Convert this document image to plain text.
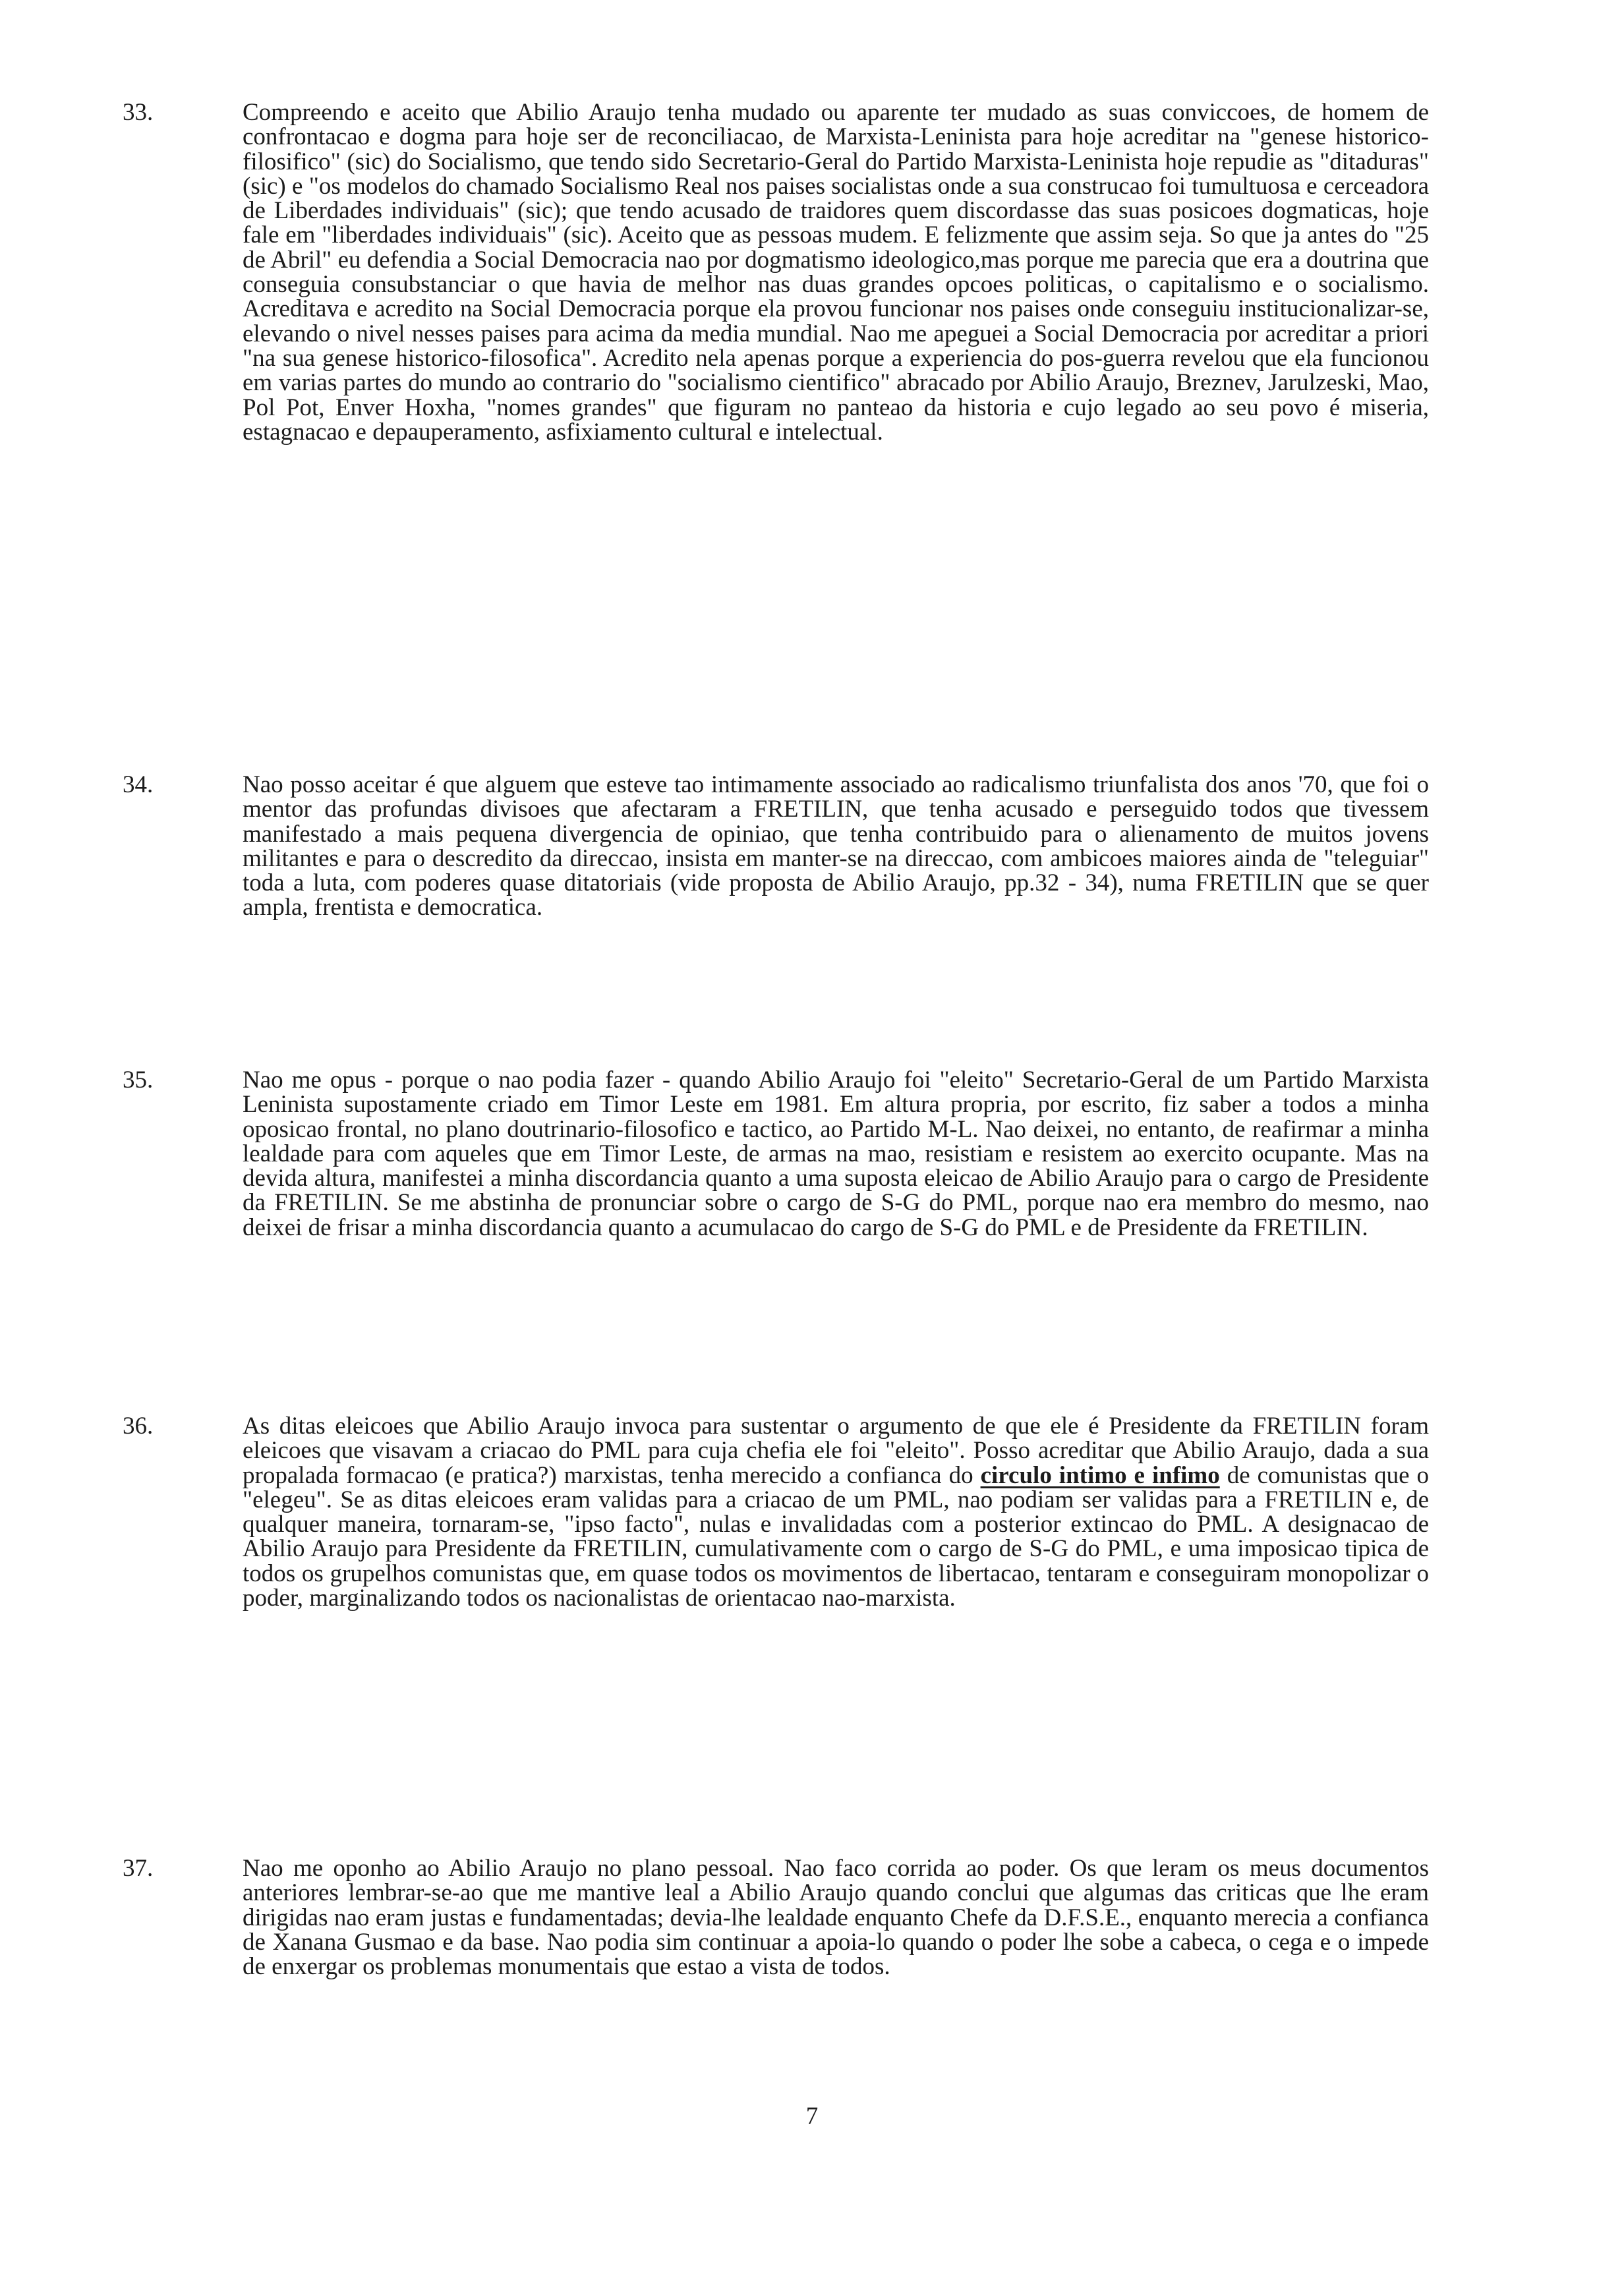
33.	Compreendo e aceito que Abilio Araujo tenha mudado ou aparente ter mudado as suas conviccoes, de homem de confrontacao e dogma para hoje ser de reconciliacao, de Marxista-Leninista para hoje acreditar na "genese historico-filosifico" (sic) do Socialismo, que tendo sido Secretario-Geral do Partido Marxista-Leninista hoje repudie as "ditaduras" (sic) e "os modelos do chamado Socialismo Real nos paises socialistas onde a sua construcao foi tumultuosa e cerceadora de Liberdades individuais" (sic); que tendo acusado de traidores quem discordasse das suas posicoes dogmaticas, hoje fale em "liberdades individuais" (sic). Aceito que as pessoas mudem. E felizmente que assim seja. So que ja antes do "25 de Abril" eu defendia a Social Democracia nao por dogmatismo ideologico,mas porque me parecia que era a doutrina que conseguia consubstanciar o que havia de melhor nas duas grandes opcoes politicas, o capitalismo e o socialismo. Acreditava e acredito na Social Democracia porque ela provou funcionar nos paises onde conseguiu institucionalizar-se, elevando o nivel nesses paises para acima da media mundial. Nao me apeguei a Social Democracia por acreditar a priori "na sua genese historico-filosofica". Acredito nela apenas porque a experiencia do pos-guerra revelou que ela funcionou em varias partes do mundo ao contrario do "socialismo cientifico" abracado por Abilio Araujo, Breznev, Jarulzeski, Mao, Pol Pot, Enver Hoxha, "nomes grandes" que figuram no panteao da historia e cujo legado ao seu povo é miseria, estagnacao e depauperamento, asfixiamento cultural e intelectual.
34.	Nao posso aceitar é que alguem que esteve tao intimamente associado ao radicalismo triunfalista dos anos '70, que foi o mentor das profundas divisoes que afectaram a FRETILIN, que tenha acusado e perseguido todos que tivessem manifestado a mais pequena divergencia de opiniao, que tenha contribuido para o alienamento de muitos jovens militantes e para o descredito da direccao, insista em manter-se na direccao, com ambicoes maiores ainda de "teleguiar" toda a luta, com poderes quase ditatoriais (vide proposta de Abilio Araujo, pp.32 - 34), numa FRETILIN que se quer ampla, frentista e democratica.
35.	Nao me opus - porque o nao podia fazer - quando Abilio Araujo foi "eleito" Secretario-Geral de um Partido Marxista Leninista supostamente criado em Timor Leste em 1981. Em altura propria, por escrito, fiz saber a todos a minha oposicao frontal, no plano doutrinario-filosofico e tactico, ao Partido M-L. Nao deixei, no entanto, de reafirmar a minha lealdade para com aqueles que em Timor Leste, de armas na mao, resistiam e resistem ao exercito ocupante. Mas na devida altura, manifestei a minha discordancia quanto a uma suposta eleicao de Abilio Araujo para o cargo de Presidente da FRETILIN. Se me abstinha de pronunciar sobre o cargo de S-G do PML, porque nao era membro do mesmo, nao deixei de frisar a minha discordancia quanto a acumulacao do cargo de S-G do PML e de Presidente da FRETILIN.
36.	As ditas eleicoes que Abilio Araujo invoca para sustentar o argumento de que ele é Presidente da FRETILIN foram eleicoes que visavam a criacao do PML para cuja chefia ele foi "eleito". Posso acreditar que Abilio Araujo, dada a sua propalada formacao (e pratica?) marxistas, tenha merecido a confianca do circulo intimo e infimo de comunistas que o "elegeu". Se as ditas eleicoes eram validas para a criacao de um PML, nao podiam ser validas para a FRETILIN e, de qualquer maneira, tornaram-se, "ipso facto", nulas e invalidadas com a posterior extincao do PML. A designacao de Abilio Araujo para Presidente da FRETILIN, cumulativamente com o cargo de S-G do PML, e uma imposicao tipica de todos os grupelhos comunistas que, em quase todos os movimentos de libertacao, tentaram e conseguiram monopolizar o poder, marginalizando todos os nacionalistas de orientacao nao-marxista.
37.	Nao me oponho ao Abilio Araujo no plano pessoal. Nao faco corrida ao poder. Os que leram os meus documentos anteriores lembrar-se-ao que me mantive leal a Abilio Araujo quando conclui que algumas das criticas que lhe eram dirigidas nao eram justas e fundamentadas; devia-lhe lealdade enquanto Chefe da D.F.S.E., enquanto merecia a confianca de Xanana Gusmao e da base. Nao podia sim continuar a apoia-lo quando o poder lhe sobe a cabeca, o cega e o impede de enxergar os problemas monumentais que estao a vista de todos.
7
